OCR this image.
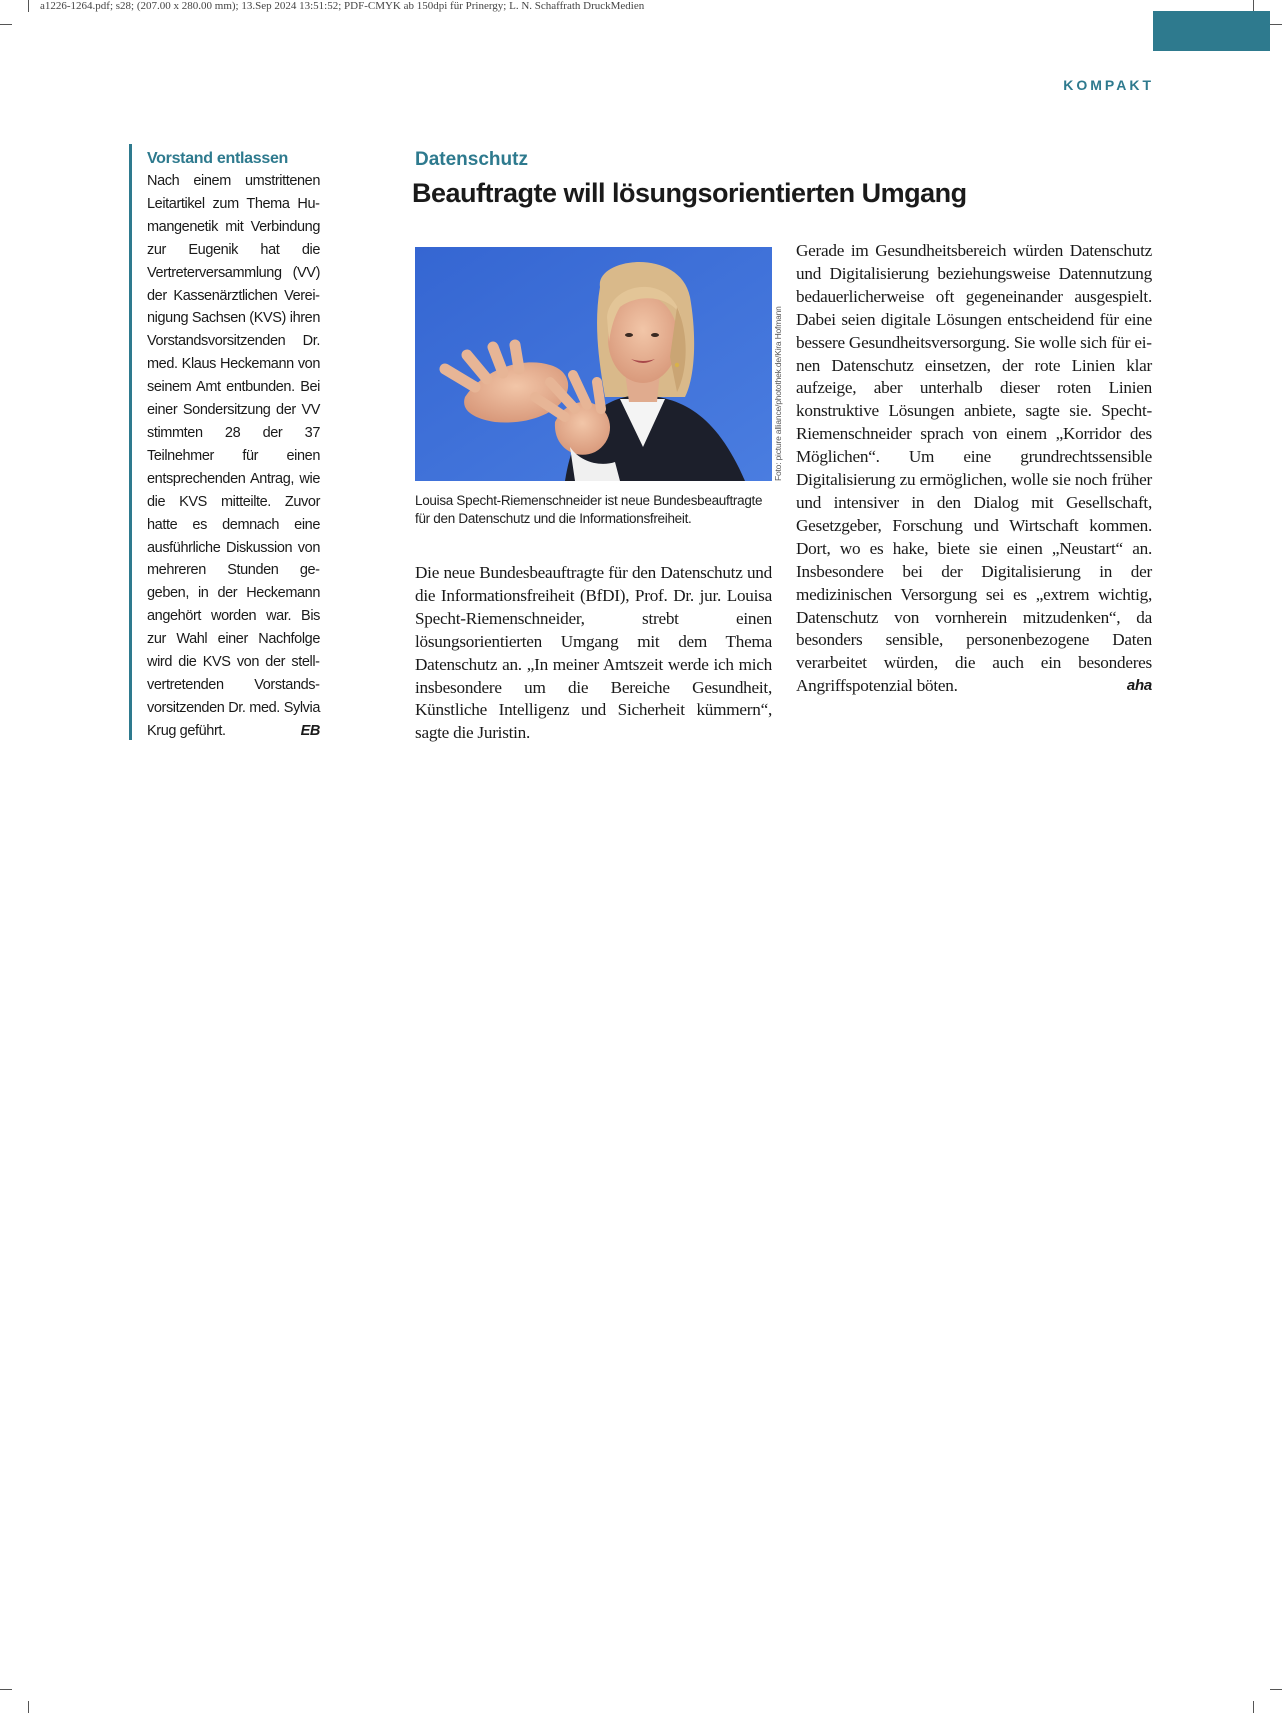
a1226-1264.pdf; s28; (207.00 x 280.00 mm); 13.Sep 2024 13:51:52; PDF-CMYK ab 150dpi für Prinergy; L. N. Schaffrath DruckMedien
KOMPAKT
Vorstand entlassen

Nach einem umstrittenen Leitartikel zum Thema Humangenetik mit Verbindung zur Eugenik hat die Vertreterversammlung (VV) der Kassenärztlichen Vereinigung Sachsen (KVS) ihren Vorstandsvorsitzenden Dr. med. Klaus Heckemann von seinem Amt entbunden. Bei einer Sondersitzung der VV stimmten 28 der 37 Teilnehmer für einen entsprechenden Antrag, wie die KVS mitteilte. Zuvor hatte es demnach eine ausführliche Diskussion von mehreren Stunden gegeben, in der Heckemann angehört worden war. Bis zur Wahl einer Nachfolge wird die KVS von der stellvertretenden Vorstandsvorsitzenden Dr. med. Sylvia Krug geführt.	EB

Datenschutz
Beauftragte will lösungsorientierten Umgang
Foto: picture alliance/photothek.de/Kira Hofmann

Louisa Specht-Riemenschneider ist neue Bundesbeauftragte für den Datenschutz und die Informationsfreiheit.

Die neue Bundesbeauftragte für den Datenschutz und die Informationsfreiheit (BfDI), Prof. Dr. jur. Louisa Specht-Riemenschneider, strebt einen lösungsorientierten Umgang mit dem Thema Datenschutz an. „In meiner Amtszeit werde ich mich insbesondere um die Bereiche Gesundheit, Künstliche Intelligenz und Sicherheit kümmern“, sagte die Juristin.

Gerade im Gesundheitsbereich würden Datenschutz und Digitalisierung beziehungsweise Datennutzung bedauerlicherweise oft gegeneinander ausgespielt. Dabei seien digitale Lösungen entscheidend für eine bessere Gesundheitsversorgung. Sie wolle sich für einen Datenschutz einsetzen, der rote Linien klar aufzeige, aber unterhalb dieser roten Linien konstruktive Lösungen anbiete, sagte sie. Specht-Riemenschneider sprach von einem „Korridor des Möglichen“. Um eine grundrechtssensible Digitalisierung zu ermöglichen, wolle sie noch früher und intensiver in den Dialog mit Gesellschaft, Gesetzgeber, Forschung und Wirtschaft kommen. Dort, wo es hake, biete sie einen „Neustart“ an. Insbesondere bei der Digitalisierung in der medizinischen Versorgung sei es „extrem wichtig, Datenschutz von vornherein mitzudenken“, da besonders sensible, personenbezogene Daten verarbeitet würden, die auch ein besonderes Angriffspotenzial böten.	aha
